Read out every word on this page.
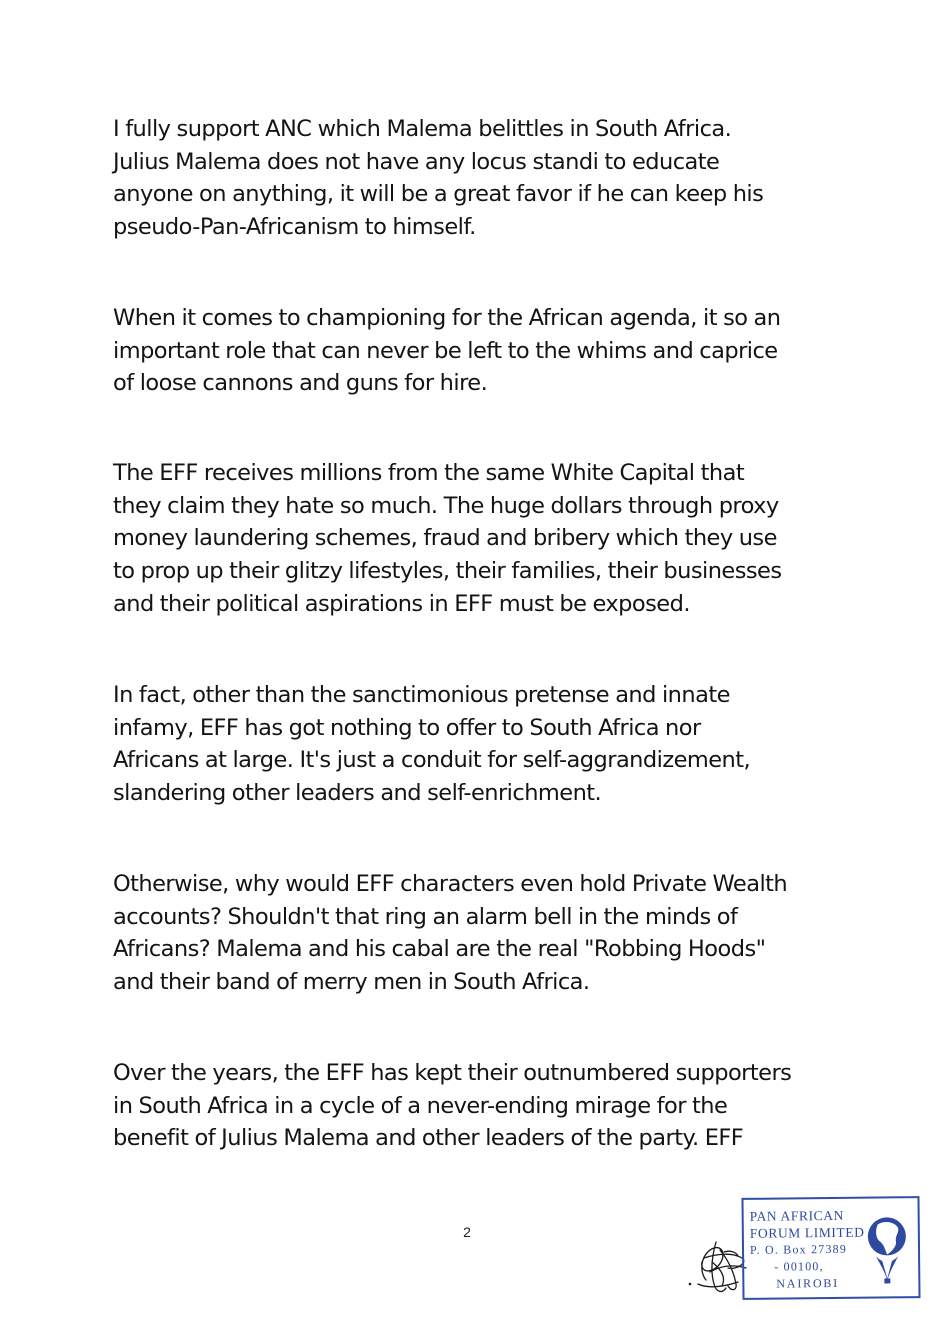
I fully support ANC which Malema belittles in South Africa.
Julius Malema does not have any locus standi to educate
anyone on anything, it will be a great favor if he can keep his
pseudo-Pan-Africanism to himself.

When it comes to championing for the African agenda, it so an
important role that can never be left to the whims and caprice
of loose cannons and guns for hire.

The EFF receives millions from the same White Capital that
they claim they hate so much. The huge dollars through proxy
money laundering schemes, fraud and bribery which they use
to prop up their glitzy lifestyles, their families, their businesses
and their political aspirations in EFF must be exposed.

In fact, other than the sanctimonious pretense and innate
infamy, EFF has got nothing to offer to South Africa nor
Africans at large. It's just a conduit for self-aggrandizement,
slandering other leaders and self-enrichment.

Otherwise, why would EFF characters even hold Private Wealth
accounts? Shouldn't that ring an alarm bell in the minds of
Africans? Malema and his cabal are the real "Robbing Hoods"
and their band of merry men in South Africa.

Over the years, the EFF has kept their outnumbered supporters
in South Africa in a cycle of a never-ending mirage for the
benefit of Julius Malema and other leaders of the party. EFF

2
PAN AFRICAN
FORUM LIMITED
P. O. Box 27389
- 00100,
NAIROBI
